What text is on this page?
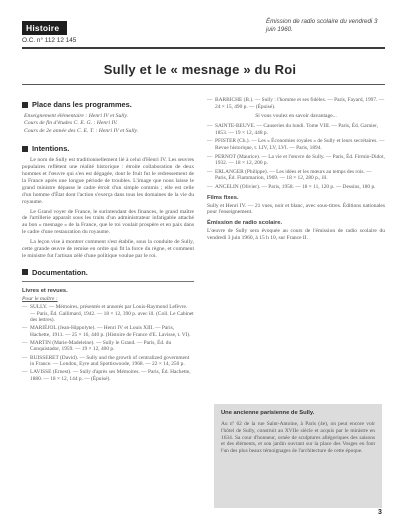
Histoire
O.C. n° 112 12 145
Émission de radio scolaire du vendredi 3 juin 1960.
Sully et le « mesnage » du Roi
Place dans les programmes.
Enseignement élémentaire : Henri IV et Sully.
Cours de fin d'études C. E. G. : Henri IV.
Cours de 2e année des C. E. T. : Henri IV et Sully.
Intentions.
Le nom de Sully est traditionnellement lié à celui d'Henri IV. Les œuvres populaires reflètent une réalité historique : étroite collaboration de deux hommes et l'œuvre qui s'en est dégagée, dont le fruit fut le redressement de la France après une longue période de troubles. L'image que nous laisse le grand ministre dépasse le cadre étroit d'un simple commis ; elle est celle d'un homme d'État dont l'action s'exerça dans tous les domaines de la vie du royaume.
Le Grand voyer de France, le surintendant des finances, le grand maître de l'artillerie apparaît sous les traits d'un administrateur infatigable attaché au bon « mesnage » de la France, que le roi voulait prospère et en paix dans le cadre d'une restauration du royaume.
La leçon vise à montrer comment s'est établie, sous la conduite de Sully, cette grande œuvre de remise en ordre qui fit la force du règne, et comment le ministre fut l'artisan zélé d'une politique voulue par le roi.
Documentation.
Livres et revues.
Pour le maître :
— SULLY. — Mémoires, présentés et annotés par Louis-Raymond Lefèvre. — Paris, Éd. Gallimard, 1942. — 18 × 12, 390 p. avec ill. (Coll. Le Cabinet des lettres).
— MARIÉJOL (Jean-Hippolyte). — Henri IV et Louis XIII. — Paris, Hachette, 1911. — 25 × 16, 440 p. (Histoire de France d'E. Lavisse, t. VI).
— MARTIN (Marie-Madeleine). — Sully le Grand. — Paris, Éd. du Conquistador, 1959. — 19 × 12, 400 p.
— BUISSERET (David). — Sully and the growth of centralized government in France. — London, Eyre and Spottiswoode, 1968. — 22 × 14, 250 p.
— LAVISSE (Ernest). — Sully d'après ses Mémoires. — Paris, Éd. Hachette, 1880. — 18 × 12, 144 p. — (Épuisé).
— BARBICHE (B.). — Sully : l'homme et ses fidèles. — Paris, Fayard, 1997. — 24 × 15, 490 p. — (Épuisé).
Si vous voulez en savoir davantage...
— SAINTE-BEUVE. — Causeries du lundi. Tome VIII. — Paris, Éd. Garnier, 1853. — 19 × 12, 448 p.
— PFISTER (Ch.). — Les « Économies royales » de Sully et leurs secrétaires. — Revue historique, t. LIV, LV, LVI. — Paris, 1894.
— PERNOT (Maurice). — La vie et l'œuvre de Sully. — Paris, Éd. Firmin-Didot, 1932. — 18 × 12, 200 p.
— ERLANGER (Philippe). — Les idées et les mœurs au temps des rois. — Paris, Éd. Flammarion, 1969. — 18 × 12, 280 p., ill.
— ANCELIN (Olivier). — Paris, 1958. — 18 × 11, 120 p. — Dessins, 180 p.
Films fixes.
Sully et Henri IV. — 21 vues, noir et blanc, avec sous-titres. Éditions nationales pour l'enseignement.
Émission de radio scolaire.
L'œuvre de Sully sera évoquée au cours de l'émission de radio scolaire du vendredi 3 juin 1960, à 15 h 10, sur France II.
Une ancienne parisienne de Sully.
Au nº 62 de la rue Saint-Antoine, à Paris (4e), on peut encore voir l'hôtel de Sully, construit au XVIIe siècle et acquis par le ministre en 1634. Sa cour d'honneur, ornée de sculptures allégoriques des saisons et des éléments, et son jardin ouvrant sur la place des Vosges en font l'un des plus beaux témoignages de l'architecture de cette époque.
3
